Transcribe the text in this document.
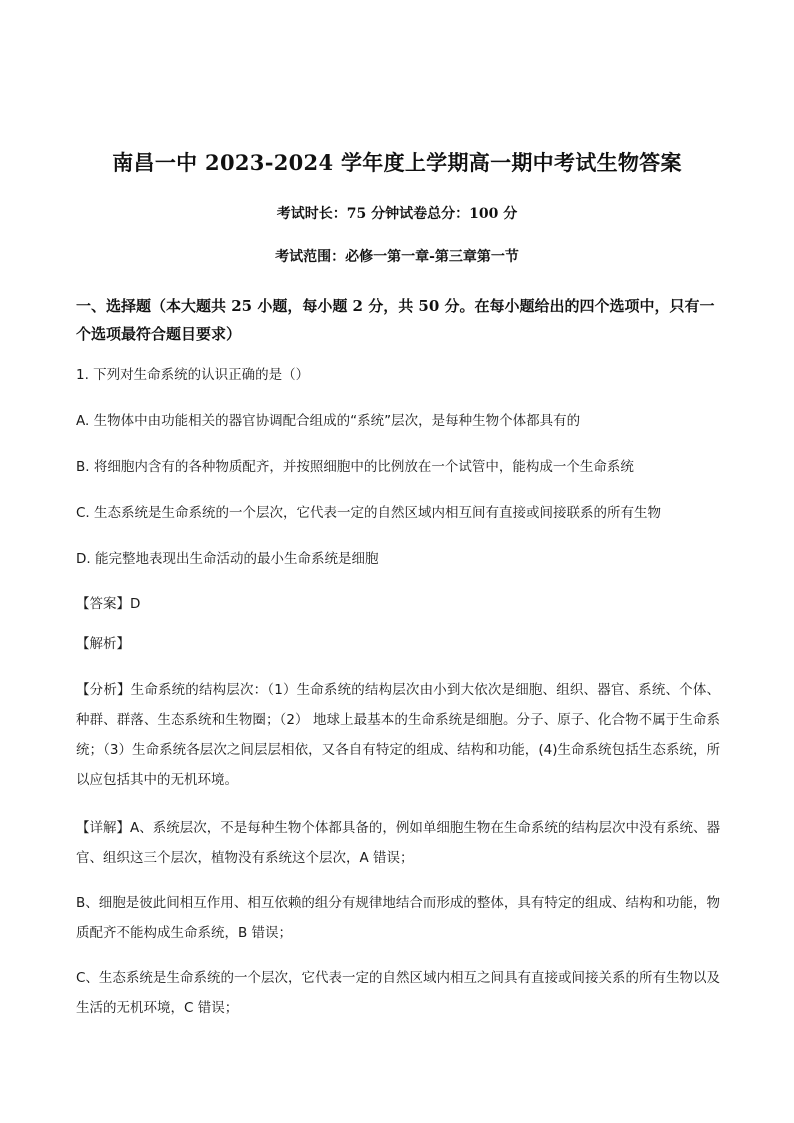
南昌一中 2023-2024 学年度上学期高一期中考试生物答案
考试时长：75 分钟试卷总分：100 分
考试范围：必修一第一章-第三章第一节
一、选择题（本大题共 25 小题，每小题 2 分，共 50 分。在每小题给出的四个选项中，只有一个选项最符合题目要求）
1. 下列对生命系统的认识正确的是（）
A. 生物体中由功能相关的器官协调配合组成的“系统”层次，是每种生物个体都具有的
B. 将细胞内含有的各种物质配齐，并按照细胞中的比例放在一个试管中，能构成一个生命系统
C. 生态系统是生命系统的一个层次，它代表一定的自然区域内相互间有直接或间接联系的所有生物
D. 能完整地表现出生命活动的最小生命系统是细胞
【答案】D
【解析】
【分析】生命系统的结构层次：（1）生命系统的结构层次由小到大依次是细胞、组织、器官、系统、个体、种群、群落、生态系统和生物圈；（2） 地球上最基本的生命系统是细胞。分子、原子、化合物不属于生命系统；（3）生命系统各层次之间层层相依，又各自有特定的组成、结构和功能，(4)生命系统包括生态系统，所以应包括其中的无机环境。
【详解】A、系统层次，不是每种生物个体都具备的，例如单细胞生物在生命系统的结构层次中没有系统、器官、组织这三个层次，植物没有系统这个层次，A 错误；
B、细胞是彼此间相互作用、相互依赖的组分有规律地结合而形成的整体，具有特定的组成、结构和功能，物质配齐不能构成生命系统，B 错误；
C、生态系统是生命系统的一个层次，它代表一定的自然区域内相互之间具有直接或间接关系的所有生物以及生活的无机环境，C 错误；
